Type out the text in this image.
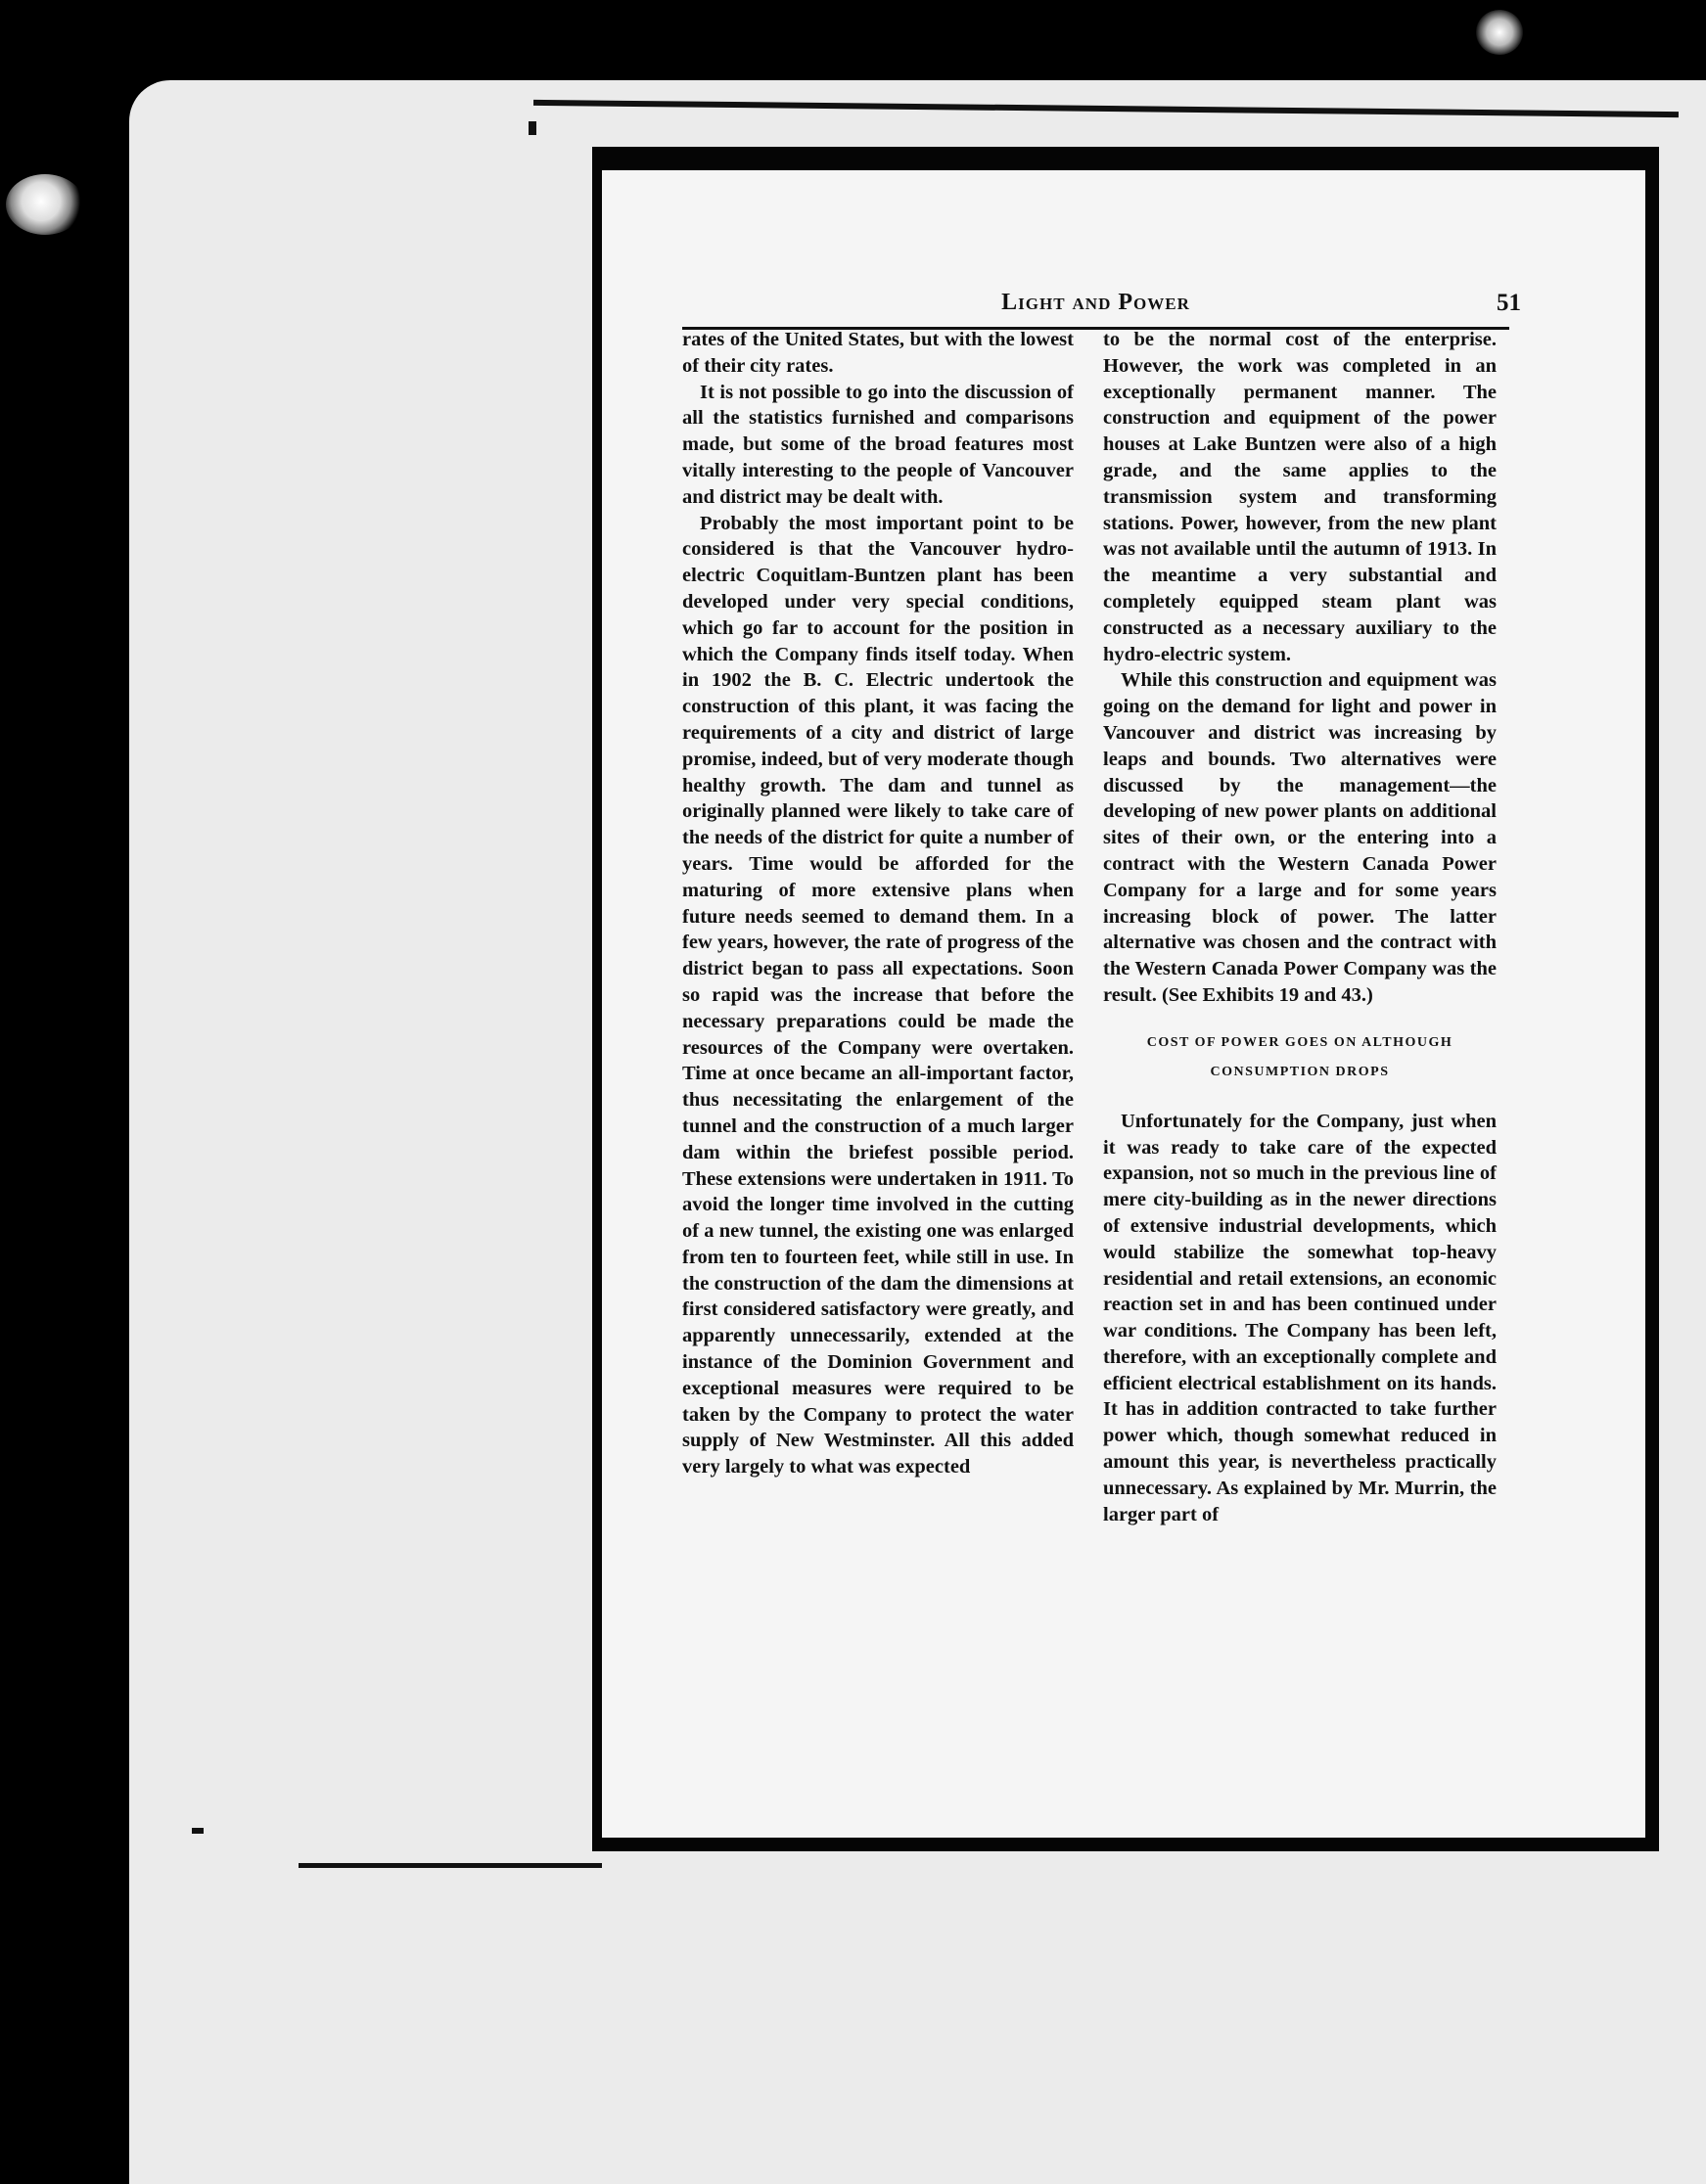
Light and Power	51

rates of the United States, but with the lowest of their city rates.

It is not possible to go into the discussion of all the statistics furnished and comparisons made, but some of the broad features most vitally interesting to the people of Vancouver and district may be dealt with.

Probably the most important point to be considered is that the Vancouver hydro-electric Coquitlam-Buntzen plant has been developed under very special conditions, which go far to account for the position in which the Company finds itself today. When in 1902 the B. C. Electric undertook the construction of this plant, it was facing the requirements of a city and district of large promise, indeed, but of very moderate though healthy growth. The dam and tunnel as originally planned were likely to take care of the needs of the district for quite a number of years. Time would be afforded for the maturing of more extensive plans when future needs seemed to demand them. In a few years, however, the rate of progress of the district began to pass all expectations. Soon so rapid was the increase that before the necessary preparations could be made the resources of the Company were overtaken. Time at once became an all-important factor, thus necessitating the enlargement of the tunnel and the construction of a much larger dam within the briefest possible period. These extensions were undertaken in 1911. To avoid the longer time involved in the cutting of a new tunnel, the existing one was enlarged from ten to fourteen feet, while still in use. In the construction of the dam the dimensions at first considered satisfactory were greatly, and apparently unnecessarily, extended at the instance of the Dominion Government and exceptional measures were required to be taken by the Company to protect the water supply of New Westminster. All this added very largely to what was expected

to be the normal cost of the enterprise. However, the work was completed in an exceptionally permanent manner. The construction and equipment of the power houses at Lake Buntzen were also of a high grade, and the same applies to the transmission system and transforming stations. Power, however, from the new plant was not available until the autumn of 1913. In the meantime a very substantial and completely equipped steam plant was constructed as a necessary auxiliary to the hydro-electric system.

While this construction and equipment was going on the demand for light and power in Vancouver and district was increasing by leaps and bounds. Two alternatives were discussed by the management—the developing of new power plants on additional sites of their own, or the entering into a contract with the Western Canada Power Company for a large and for some years increasing block of power. The latter alternative was chosen and the contract with the Western Canada Power Company was the result. (See Exhibits 19 and 43.)

COST OF POWER GOES ON ALTHOUGH
CONSUMPTION DROPS

Unfortunately for the Company, just when it was ready to take care of the expected expansion, not so much in the previous line of mere city-building as in the newer directions of extensive industrial developments, which would stabilize the somewhat top-heavy residential and retail extensions, an economic reaction set in and has been continued under war conditions. The Company has been left, therefore, with an exceptionally complete and efficient electrical establishment on its hands. It has in addition contracted to take further power which, though somewhat reduced in amount this year, is nevertheless practically unnecessary. As explained by Mr. Murrin, the larger part of
